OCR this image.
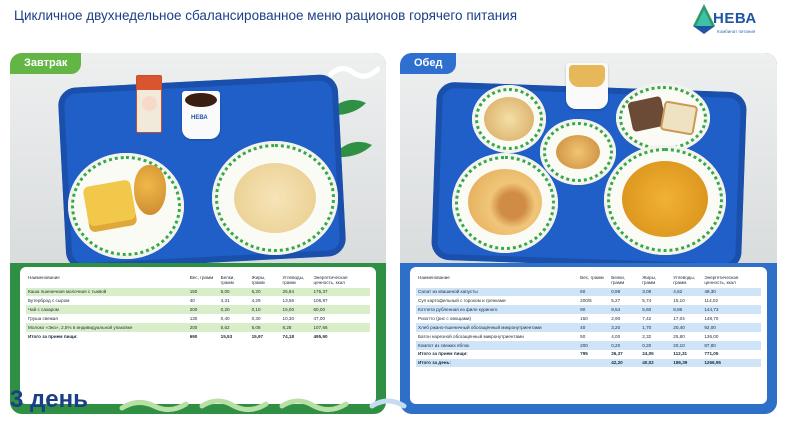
Цикличное двухнедельное сбалансированное меню рационов горячего питания	НЕВА
Комбинат питания
Завтрак
НЕВА
Наименование	Вес, грамм	Белки, грамм	Жиры, грамм	Углеводы, грамм	Энергетическая ценность, ккал
Каша пшеничная молочная с тыквой	150	5,00	6,20	25,84	175,37
Бутерброд с сыром	40	4,31	4,29	13,56	106,87
Чай с сахаром	200	0,20	0,10	15,00	60,00
Груша свежая	130	0,40	0,30	10,30	47,00
Молоко «Эко», 2,5% в индивидуальной упаковке	200	5,62	5,08	8,28	107,66
Итого за прием пищи:	690	15,53	15,97	74,18	495,90
Обед
Наименование	Вес, грамм	Белки, грамм	Жиры, грамм	Углеводы, грамм	Энергетическая ценность, ккал
Салат из квашеной капусты	60	0,98	3,09	4,62	49,30
Суп картофельный с горохом и гренками	200/5	5,27	5,74	15,10	114,02
Котлета рубленная из филе куриного	90	9,54	5,60	8,86	144,73
Ризотто (рис с овощами)	150	2,90	7,42	17,04	148,70
Хлеб ржано-пшеничный обогащённый микронутриентами	40	3,20	1,70	20,40	92,00
Батон нарезной обогащённый микронутриентами	50	4,00	2,32	25,80	136,00
Компот из свежих яблок	200	0,20	0,20	20,10	87,80
Итого за прием пищи:	795	26,37	24,05	112,31	771,05
Итого за день:		42,20	40,02	186,39	1266,95
3 день
